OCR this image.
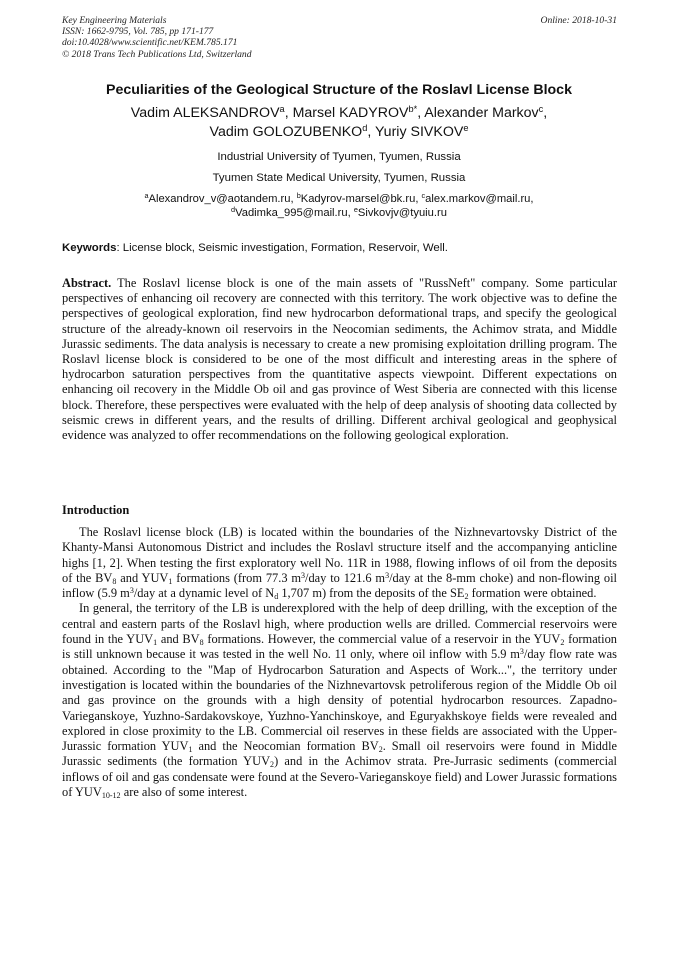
Key Engineering Materials
ISSN: 1662-9795, Vol. 785, pp 171-177
doi:10.4028/www.scientific.net/KEM.785.171
© 2018 Trans Tech Publications Ltd, Switzerland
Online: 2018-10-31
Peculiarities of the Geological Structure of the Roslavl License Block
Vadim ALEKSANDROV$^a$, Marsel $KADYROV^{b*}$, Alexander Markov$^c$,
Vadim GOLOZUBENKO$^d$, Yuriy SIVKOV$^e$
Industrial University of Tyumen, Tyumen, Russia
Tyumen State Medical University, Tyumen, Russia
$^a$Alexandrov_v@aotandem.ru, $^b$Kadyrov-marsel@bk.ru, $^c$alex.markov@mail.ru,
$^d$Vadimka_995@mail.ru, $^e$Sivkovjv@tyuiu.ru
Keywords: License block, Seismic investigation, Formation, Reservoir, Well.
Abstract. The Roslavl license block is one of the main assets of "RussNeft" company. Some particular perspectives of enhancing oil recovery are connected with this territory. The work objective was to define the perspectives of geological exploration, find new hydrocarbon deformational traps, and specify the geological structure of the already-known oil reservoirs in the Neocomian sediments, the Achimov strata, and Middle Jurassic sediments. The data analysis is necessary to create a new promising exploitation drilling program. The Roslavl license block is considered to be one of the most difficult and interesting areas in the sphere of hydrocarbon saturation perspectives from the quantitative aspects viewpoint. Different expectations on enhancing oil recovery in the Middle Ob oil and gas province of West Siberia are connected with this license block. Therefore, these perspectives were evaluated with the help of deep analysis of shooting data collected by seismic crews in different years, and the results of drilling. Different archival geological and geophysical evidence was analyzed to offer recommendations on the following geological exploration.
Introduction

The Roslavl license block (LB) is located within the boundaries of the Nizhnevartovsky District of the Khanty-Mansi Autonomous District and includes the Roslavl structure itself and the accompanying anticline highs [1, 2]. When testing the first exploratory well No. 11R in 1988, flowing inflows of oil from the deposits of the $BV_8$ and $YUV_1$ formations (from 77.3 $m^3$/day to 121.6 $m^3$/day at the 8-mm choke) and non-flowing oil inflow (5.9 $m^3$/day at a dynamic level of $N_d$ 1,707 m) from the deposits of the $SE_2$ formation were obtained.

In general, the territory of the LB is underexplored with the help of deep drilling, with the exception of the central and eastern parts of the Roslavl high, where production wells are drilled. Commercial reservoirs were found in the $YUV_1$ and $BV_8$ formations. However, the commercial value of a reservoir in the $YUV_2$ formation is still unknown because it was tested in the well No. 11 only, where oil inflow with 5.9 $m^3$/day flow rate was obtained. According to the "Map of Hydrocarbon Saturation and Aspects of Work...", the territory under investigation is located within the boundaries of the Nizhnevartovsk petroliferous region of the Middle Ob oil and gas province on the grounds with a high density of potential hydrocarbon resources. Zapadno-Varieganskoye, Yuzhno-Sardakovskoye, Yuzhno-Yanchinskoye, and Eguryakhskoye fields were revealed and explored in close proximity to the LB. Commercial oil reserves in these fields are associated with the Upper-Jurassic formation $YUV_1$ and the Neocomian formation $BV_2$. Small oil reservoirs were found in Middle Jurassic sediments (the formation $YUV_2$) and in the Achimov strata. Pre-Jurrasic sediments (commercial inflows of oil and gas condensate were found at the Severo-Varieganskoye field) and Lower Jurassic formations of $YUV_{10-12}$ are also of some interest.
